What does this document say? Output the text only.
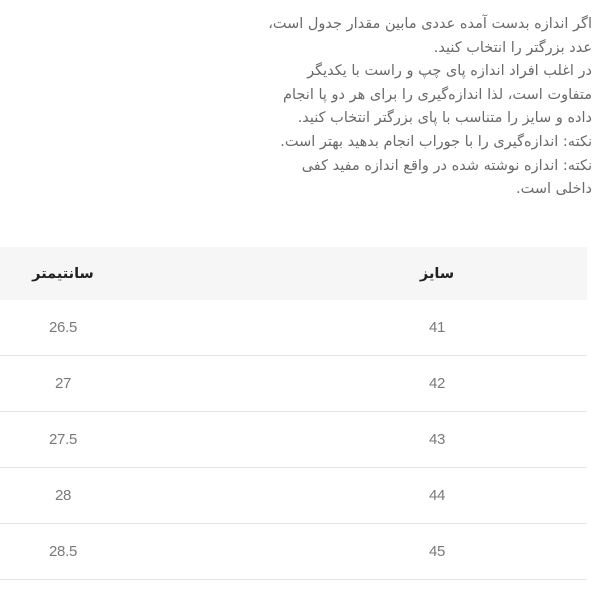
اگر اندازه بدست آمده عددی مابین مقدار جدول است،

عدد بزرگتر را انتخاب کنید.

در اغلب افراد اندازه پای چپ و راست با یکدیگر

متفاوت است، لذا اندازه‌گیری را برای هر دو پا انجام

داده و سایز را متناسب با پای بزرگتر انتخاب کنید.

نکته: اندازه‌گیری را با جوراب انجام بدهید بهتر است.

نکته: اندازه نوشته شده در واقع اندازه مفید کفی

داخلی است.

سایز
سانتیمتر
41
26.5
42
27
43
27.5
44
28
45
28.5
